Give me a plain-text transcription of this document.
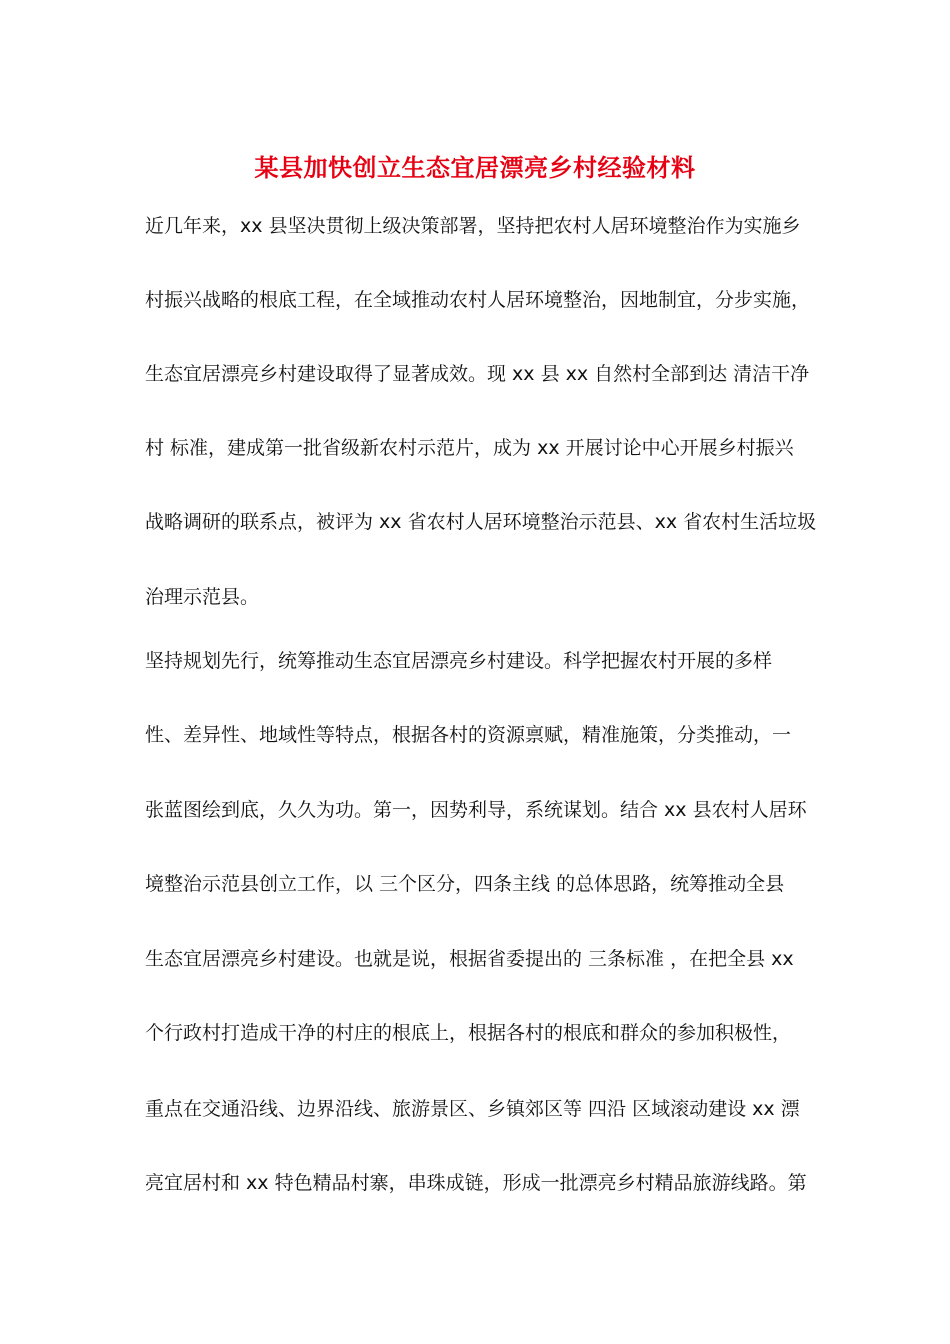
某县加快创立生态宜居漂亮乡村经验材料
近几年来，xx 县坚决贯彻上级决策部署，坚持把农村人居环境整治作为实施乡
村振兴战略的根底工程，在全域推动农村人居环境整治，因地制宜，分步实施，
生态宜居漂亮乡村建设取得了显著成效。现 xx 县 xx 自然村全部到达 清洁干净
村 标准，建成第一批省级新农村示范片，成为 xx 开展讨论中心开展乡村振兴
战略调研的联系点，被评为 xx 省农村人居环境整治示范县、xx 省农村生活垃圾
治理示范县。
坚持规划先行，统筹推动生态宜居漂亮乡村建设。科学把握农村开展的多样
性、差异性、地域性等特点，根据各村的资源禀赋，精准施策，分类推动，一
张蓝图绘到底，久久为功。第一，因势利导，系统谋划。结合 xx 县农村人居环
境整治示范县创立工作，以 三个区分，四条主线 的总体思路，统筹推动全县
生态宜居漂亮乡村建设。也就是说，根据省委提出的 三条标准 ，在把全县 xx
个行政村打造成干净的村庄的根底上，根据各村的根底和群众的参加积极性，
重点在交通沿线、边界沿线、旅游景区、乡镇郊区等 四沿 区域滚动建设 xx 漂
亮宜居村和 xx 特色精品村寨，串珠成链，形成一批漂亮乡村精品旅游线路。第
